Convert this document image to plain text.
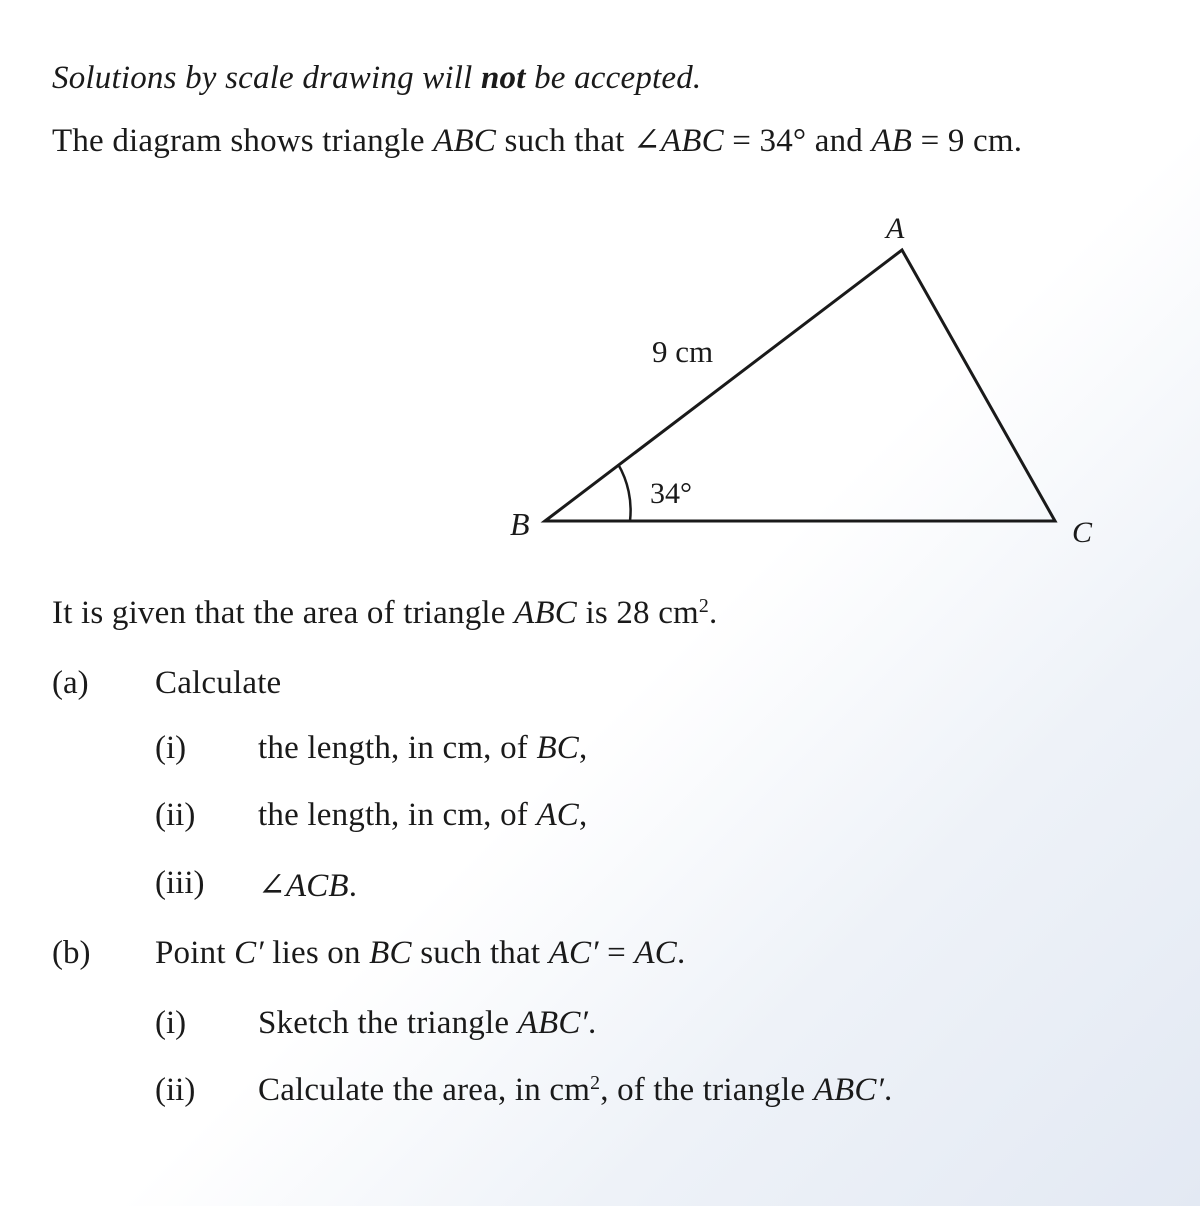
Solutions by scale drawing will not be accepted.
The diagram shows triangle ABC such that ∠ABC = 34° and AB = 9 cm.
A
B	C
9 cm
34°
It is given that the area of triangle ABC is 28 $cm^2$.
(a) Calculate
(i) the length, in cm, of BC,
(ii) the length, in cm, of AC,
(iii) ∠ACB.
(b) Point C′ lies on BC such that AC′ = AC.
(i) Sketch the triangle ABC′.
(ii) Calculate the area, in $cm^2$, of the triangle ABC′.
